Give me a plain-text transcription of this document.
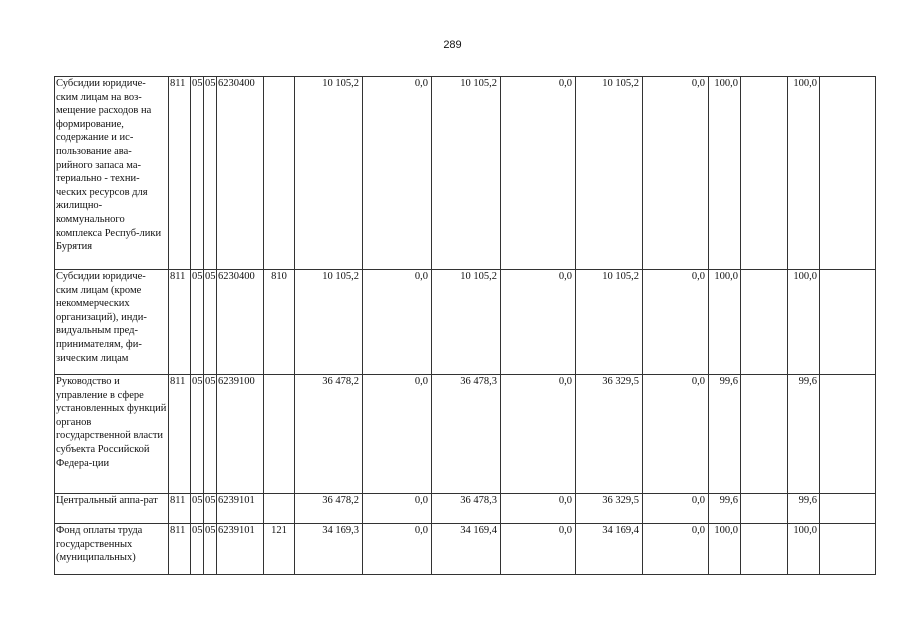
289
Субсидии юридиче-ским лицам на воз-мещение расходов на формирование, содержание и ис-пользование ава-рийного запаса ма-териально - техни-ческих ресурсов для жилищно-коммунального комплекса Респуб-лики Бурятия	811	05	05	6230400		10 105,2	0,0	10 105,2	0,0	10 105,2	0,0	100,0		100,0	
Субсидии юридиче-ским лицам (кроме некоммерческих организаций), инди-видуальным пред-принимателям, фи-зическим лицам	811	05	05	6230400	810	10 105,2	0,0	10 105,2	0,0	10 105,2	0,0	100,0		100,0	
Руководство и управление в сфере установленных функций органов государственной власти субъекта Российской Федера-ции	811	05	05	6239100		36 478,2	0,0	36 478,3	0,0	36 329,5	0,0	99,6		99,6	
Центральный аппа-рат	811	05	05	6239101		36 478,2	0,0	36 478,3	0,0	36 329,5	0,0	99,6		99,6	
Фонд оплаты труда государственных (муниципальных)	811	05	05	6239101	121	34 169,3	0,0	34 169,4	0,0	34 169,4	0,0	100,0		100,0	
